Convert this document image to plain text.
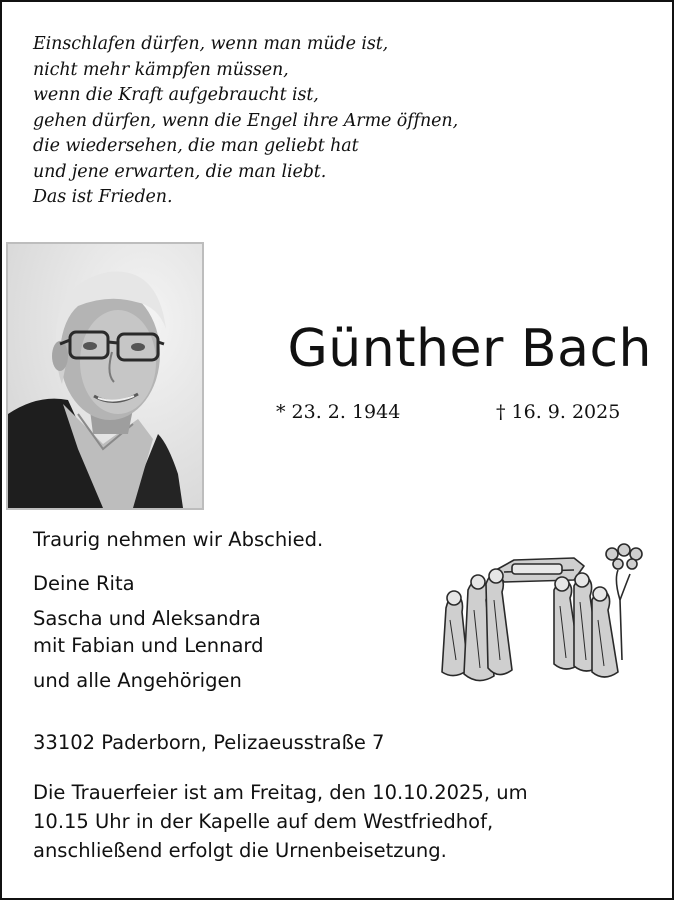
Einschlafen dürfen, wenn man müde ist,
nicht mehr kämpfen müssen,
wenn die Kraft aufgebraucht ist,
gehen dürfen, wenn die Engel ihre Arme öffnen,
die wiedersehen, die man geliebt hat
und jene erwarten, die man liebt.
Das ist Frieden.
Günther Bach
* 23. 2. 1944	† 16. 9. 2025
Traurig nehmen wir Abschied.
Deine Rita
Sascha und Aleksandra
mit Fabian und Lennard
und alle Angehörigen
33102 Paderborn, Pelizaeusstraße 7
Die Trauerfeier ist am Freitag, den 10.10.2025, um
10.15 Uhr in der Kapelle auf dem Westfriedhof,
anschließend erfolgt die Urnenbeisetzung.
